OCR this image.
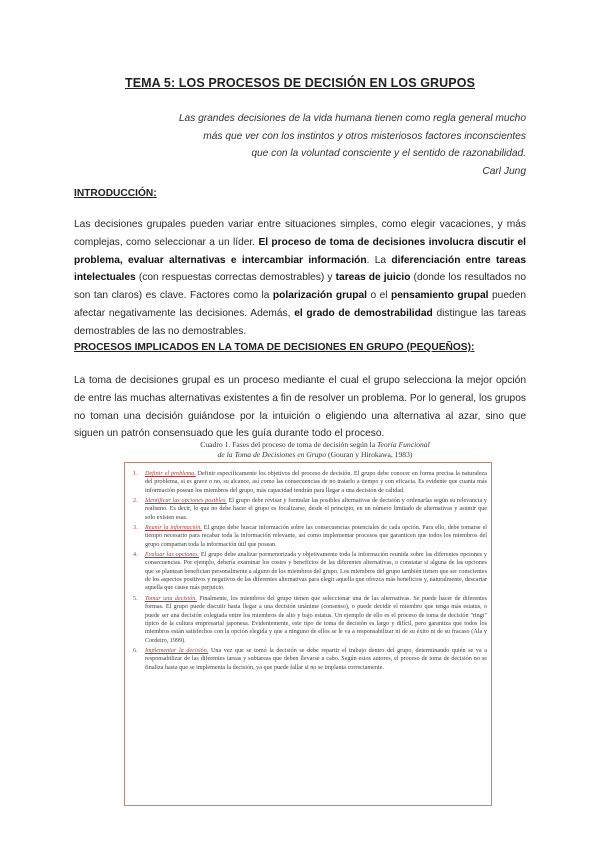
TEMA 5: LOS PROCESOS DE DECISIÓN EN LOS GRUPOS
Las grandes decisiones de la vida humana tienen como regla general mucho
más que ver con los instintos y otros misteriosos factores inconscientes
que con la voluntad consciente y el sentido de razonabilidad.
Carl Jung
INTRODUCCIÓN:
Las decisiones grupales pueden variar entre situaciones simples, como elegir vacaciones, y más complejas, como seleccionar a un líder. El proceso de toma de decisiones involucra discutir el problema, evaluar alternativas e intercambiar información. La diferenciación entre tareas intelectuales (con respuestas correctas demostrables) y tareas de juicio (donde los resultados no son tan claros) es clave. Factores como la polarización grupal o el pensamiento grupal pueden afectar negativamente las decisiones. Además, el grado de demostrabilidad distingue las tareas demostrables de las no demostrables.
PROCESOS IMPLICADOS EN LA TOMA DE DECISIONES EN GRUPO (PEQUEÑOS):
La toma de decisiones grupal es un proceso mediante el cual el grupo selecciona la mejor opción de entre las muchas alternativas existentes a fin de resolver un problema. Por lo general, los grupos no toman una decisión guiándose por la intuición o eligiendo una alternativa al azar, sino que siguen un patrón consensuado que les guía durante todo el proceso.
Cuadro 1. Fases del proceso de toma de decisión según la Teoría Funcional
de la Toma de Decisiones en Grupo (Gouran y Hirokawa, 1983)
1. Definir el problema. Definir específicamente los objetivos del proceso de decisión. El grupo debe conocer en forma precisa la naturaleza del problema, si es grave o no, su alcance, así como las consecuencias de no tratarlo a tiempo y con eficacia. Es evidente que cuanta más información posean los miembros del grupo, más capacidad tendrán para llegar a una decisión de calidad.
2. Identificar las opciones posibles. El grupo debe revisar y formular las posibles alternativas de decisión y ordenarlas según su relevancia y realismo. Es decir, lo que no debe hacer el grupo es focalizarse, desde el principio, en un número limitado de alternativas y asumir que solo existen esas.
3. Reunir la información. El grupo debe buscar información sobre las consecuencias potenciales de cada opción. Para ello, debe tomarse el tiempo necesario para recabar toda la información relevante, así como implementar procesos que garanticen que todos los miembros del grupo compartan toda la información útil que posean.
4. Evaluar las opciones. El grupo debe analizar pormenorizada y objetivamente toda la información reunida sobre las diferentes opciones y consecuencias. Por ejemplo, debería examinar los costes y beneficios de las diferentes alternativas, o constatar si alguna de las opciones que se plantean benefician personalmente a alguno de los miembros del grupo. Los miembros del grupo también tienen que ser conscientes de los aspectos positivos y negativos de las diferentes alternativas para elegir aquella que ofrezca más beneficios y, naturalmente, descartar aquella que cause más perjuicio.
5. Tomar una decisión. Finalmente, los miembros del grupo tienen que seleccionar una de las alternativas. Se puede hacer de diferentes formas. El grupo puede discutir hasta llegar a una decisión unánime (consenso), o puede decidir el miembro que tenga más estatus, o puede ser una decisión colegiada entre los miembros de alto y bajo estatus. Un ejemplo de ello es el proceso de toma de decisión "ringi" típico de la cultura empresarial japonesa. Evidentemente, este tipo de toma de decisión es largo y difícil, pero garantiza que todos los miembros están satisfechos con la opción elegida y que a ninguno de ellos se le va a responsabilizar ni de su éxito ni de su fracaso (Ala y Cordeiro, 1999).
6. Implementar la decisión. Una vez que se tomó la decisión se debe repartir el trabajo dentro del grupo, determinando quién se va a responsabilizar de las diferentes tareas y subtareas que deben llevarse a cabo. Según estos autores, el proceso de toma de decisión no se finaliza hasta que se implementa la decisión, ya que puede fallar si no se implanta correctamente.
